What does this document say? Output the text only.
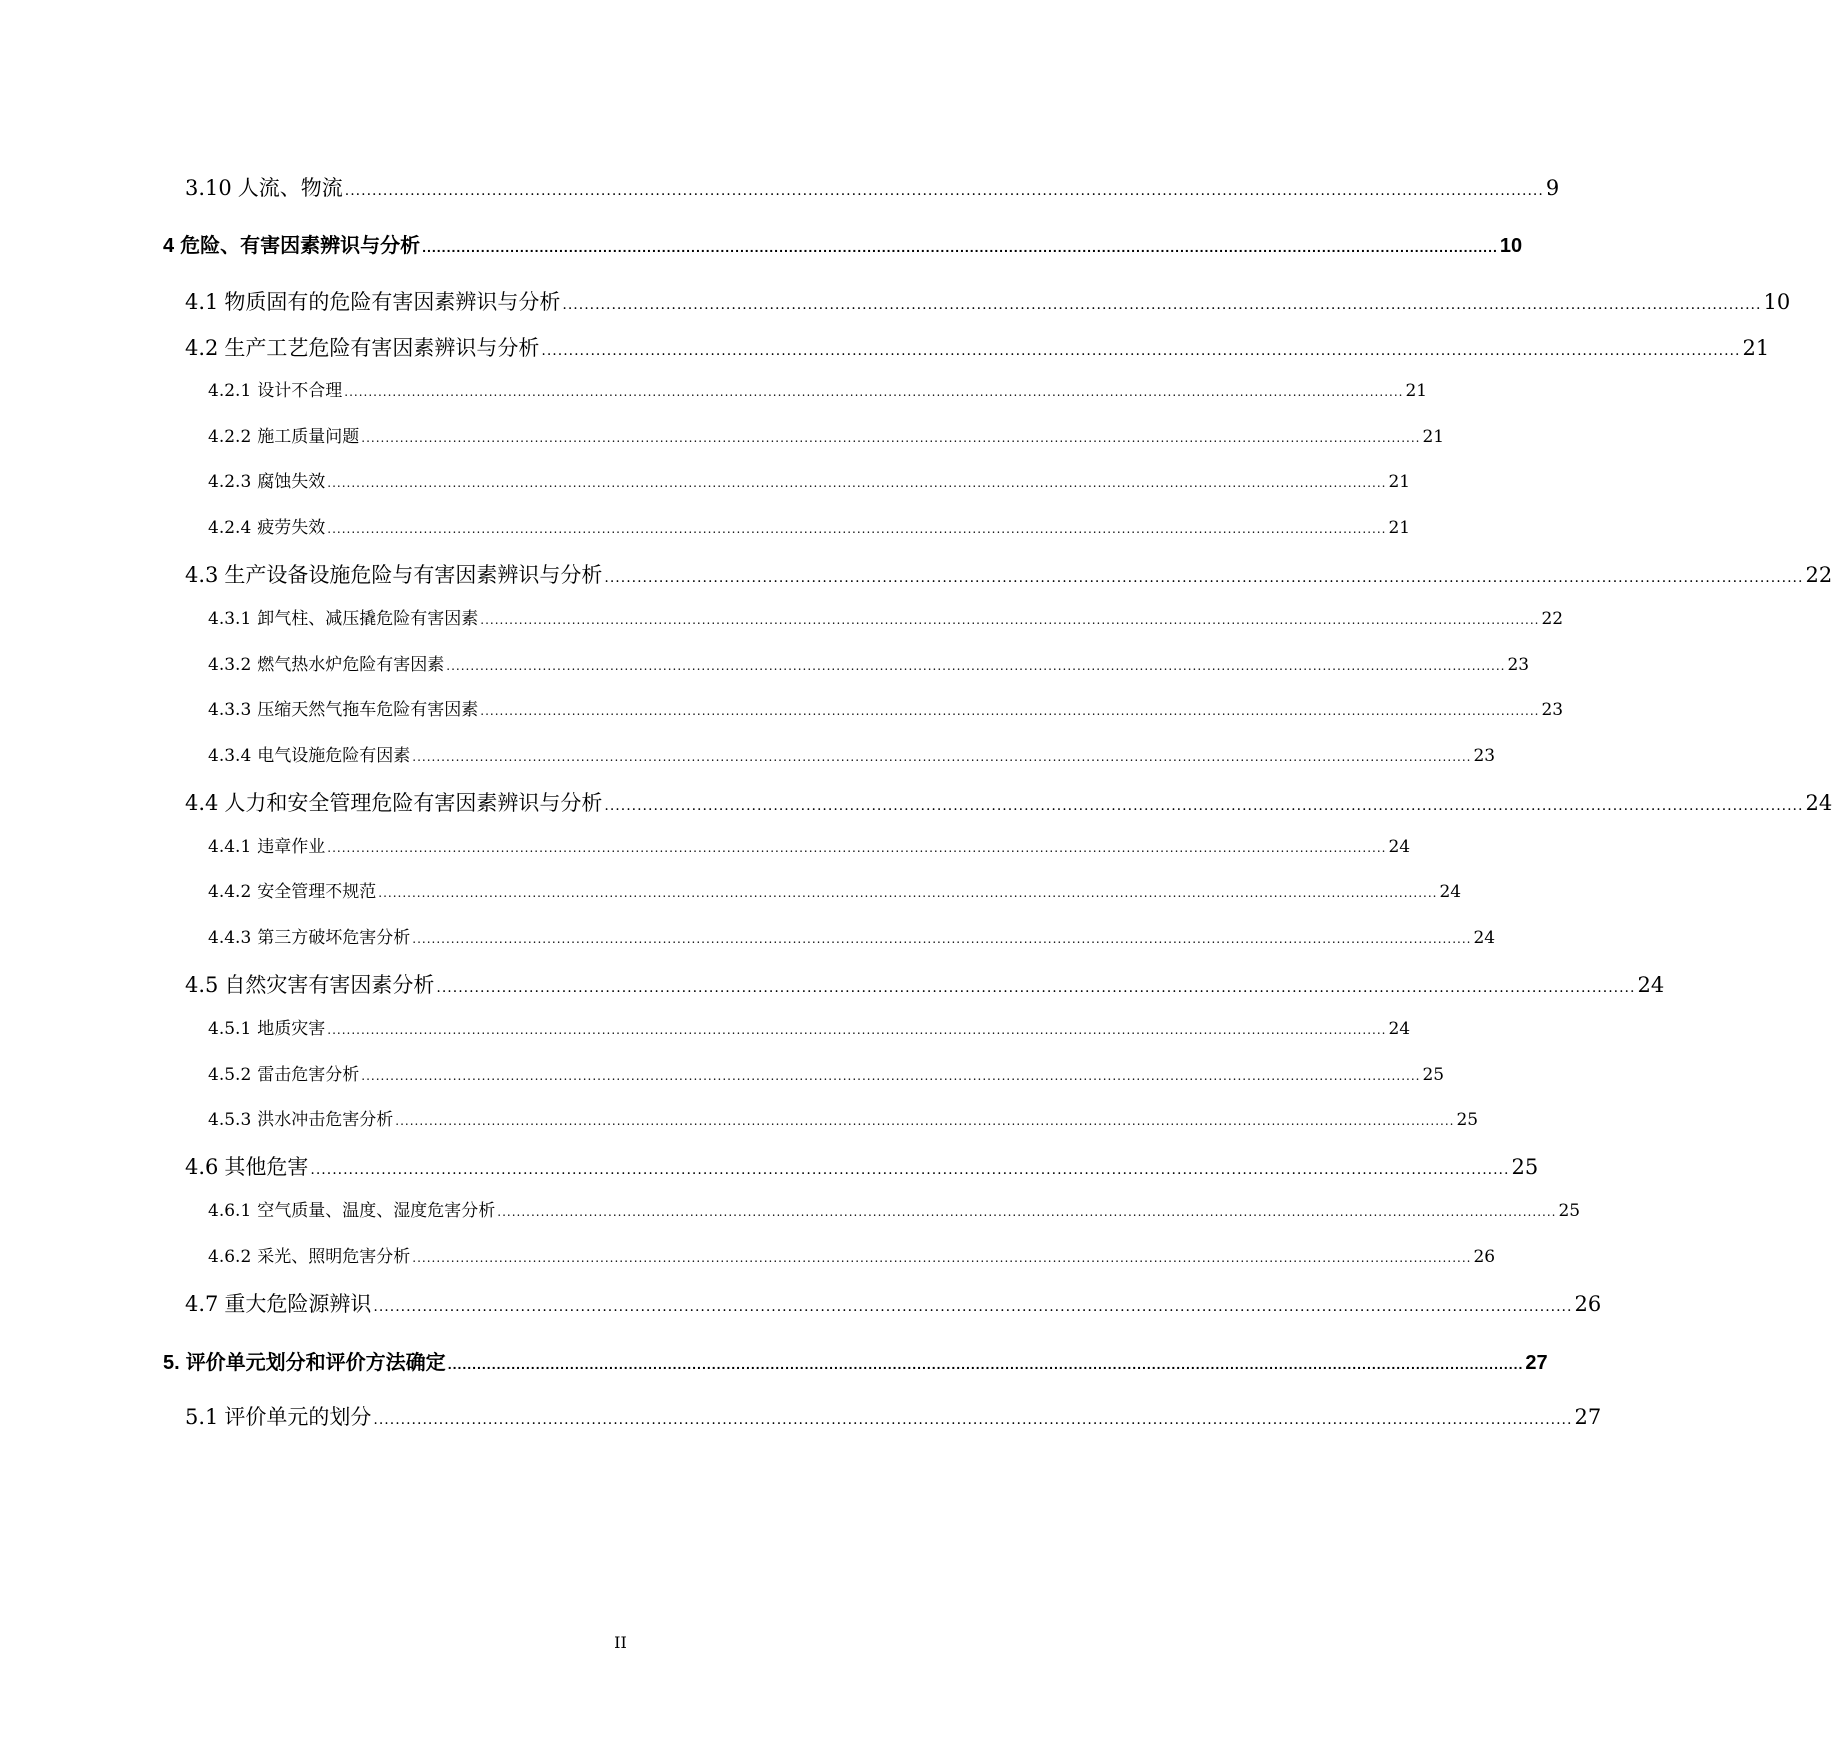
3.10 人流、物流 ............................................................................................................................................................................................................................ 9
4 危险、有害因素辨识与分析 ............................................................................................................................................................................................................................ 10
4.1 物质固有的危险有害因素辨识与分析 ............................................................................................................................................................................................................................ 10
4.2 生产工艺危险有害因素辨识与分析 ............................................................................................................................................................................................................................ 21
4.2.1 设计不合理 ............................................................................................................................................................................................................................ 21
4.2.2 施工质量问题 ............................................................................................................................................................................................................................ 21
4.2.3 腐蚀失效 ............................................................................................................................................................................................................................ 21
4.2.4 疲劳失效 ............................................................................................................................................................................................................................ 21
4.3 生产设备设施危险与有害因素辨识与分析 ............................................................................................................................................................................................................................ 22
4.3.1 卸气柱、减压撬危险有害因素 ............................................................................................................................................................................................................................ 22
4.3.2 燃气热水炉危险有害因素 ............................................................................................................................................................................................................................ 23
4.3.3 压缩天然气拖车危险有害因素 ............................................................................................................................................................................................................................ 23
4.3.4 电气设施危险有因素 ............................................................................................................................................................................................................................ 23
4.4 人力和安全管理危险有害因素辨识与分析 ............................................................................................................................................................................................................................ 24
4.4.1 违章作业 ............................................................................................................................................................................................................................ 24
4.4.2 安全管理不规范 ............................................................................................................................................................................................................................ 24
4.4.3 第三方破坏危害分析 ............................................................................................................................................................................................................................ 24
4.5 自然灾害有害因素分析 ............................................................................................................................................................................................................................ 24
4.5.1 地质灾害 ............................................................................................................................................................................................................................ 24
4.5.2 雷击危害分析 ............................................................................................................................................................................................................................ 25
4.5.3 洪水冲击危害分析 ............................................................................................................................................................................................................................ 25
4.6 其他危害 ............................................................................................................................................................................................................................ 25
4.6.1 空气质量、温度、湿度危害分析 ............................................................................................................................................................................................................................ 25
4.6.2 采光、照明危害分析 ............................................................................................................................................................................................................................ 26
4.7 重大危险源辨识 ............................................................................................................................................................................................................................ 26
5. 评价单元划分和评价方法确定 ............................................................................................................................................................................................................................ 27
5.1 评价单元的划分 ............................................................................................................................................................................................................................ 27
II
